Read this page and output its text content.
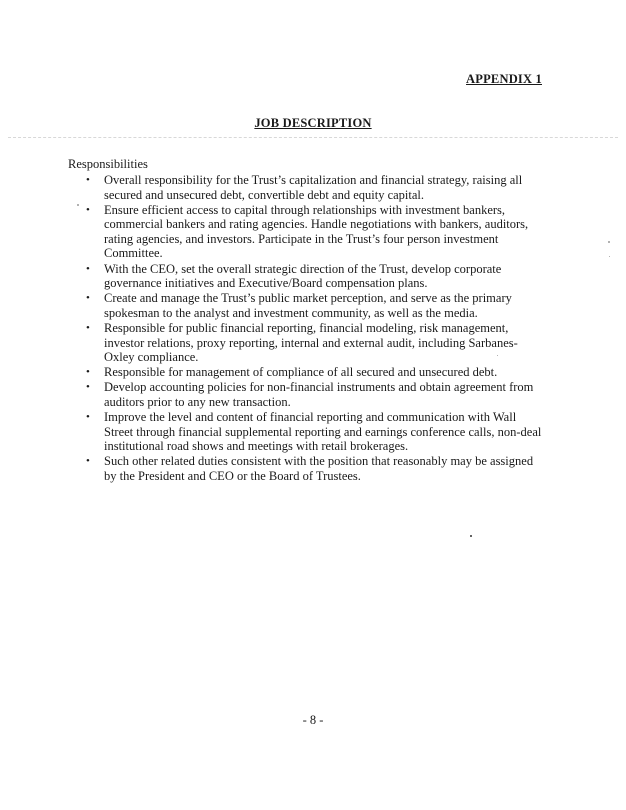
APPENDIX 1
JOB DESCRIPTION
Responsibilities
• Overall responsibility for the Trust’s capitalization and financial strategy, raising all secured and unsecured debt, convertible debt and equity capital.
• Ensure efficient access to capital through relationships with investment bankers, commercial bankers and rating agencies. Handle negotiations with bankers, auditors, rating agencies, and investors. Participate in the Trust’s four person investment Committee.
• With the CEO, set the overall strategic direction of the Trust, develop corporate governance initiatives and Executive/Board compensation plans.
• Create and manage the Trust’s public market perception, and serve as the primary spokesman to the analyst and investment community, as well as the media.
• Responsible for public financial reporting, financial modeling, risk management, investor relations, proxy reporting, internal and external audit, including Sarbanes-Oxley compliance.
• Responsible for management of compliance of all secured and unsecured debt.
• Develop accounting policies for non-financial instruments and obtain agreement from auditors prior to any new transaction.
• Improve the level and content of financial reporting and communication with Wall Street through financial supplemental reporting and earnings conference calls, non-deal institutional road shows and meetings with retail brokerages.
• Such other related duties consistent with the position that reasonably may be assigned by the President and CEO or the Board of Trustees.
- 8 -
